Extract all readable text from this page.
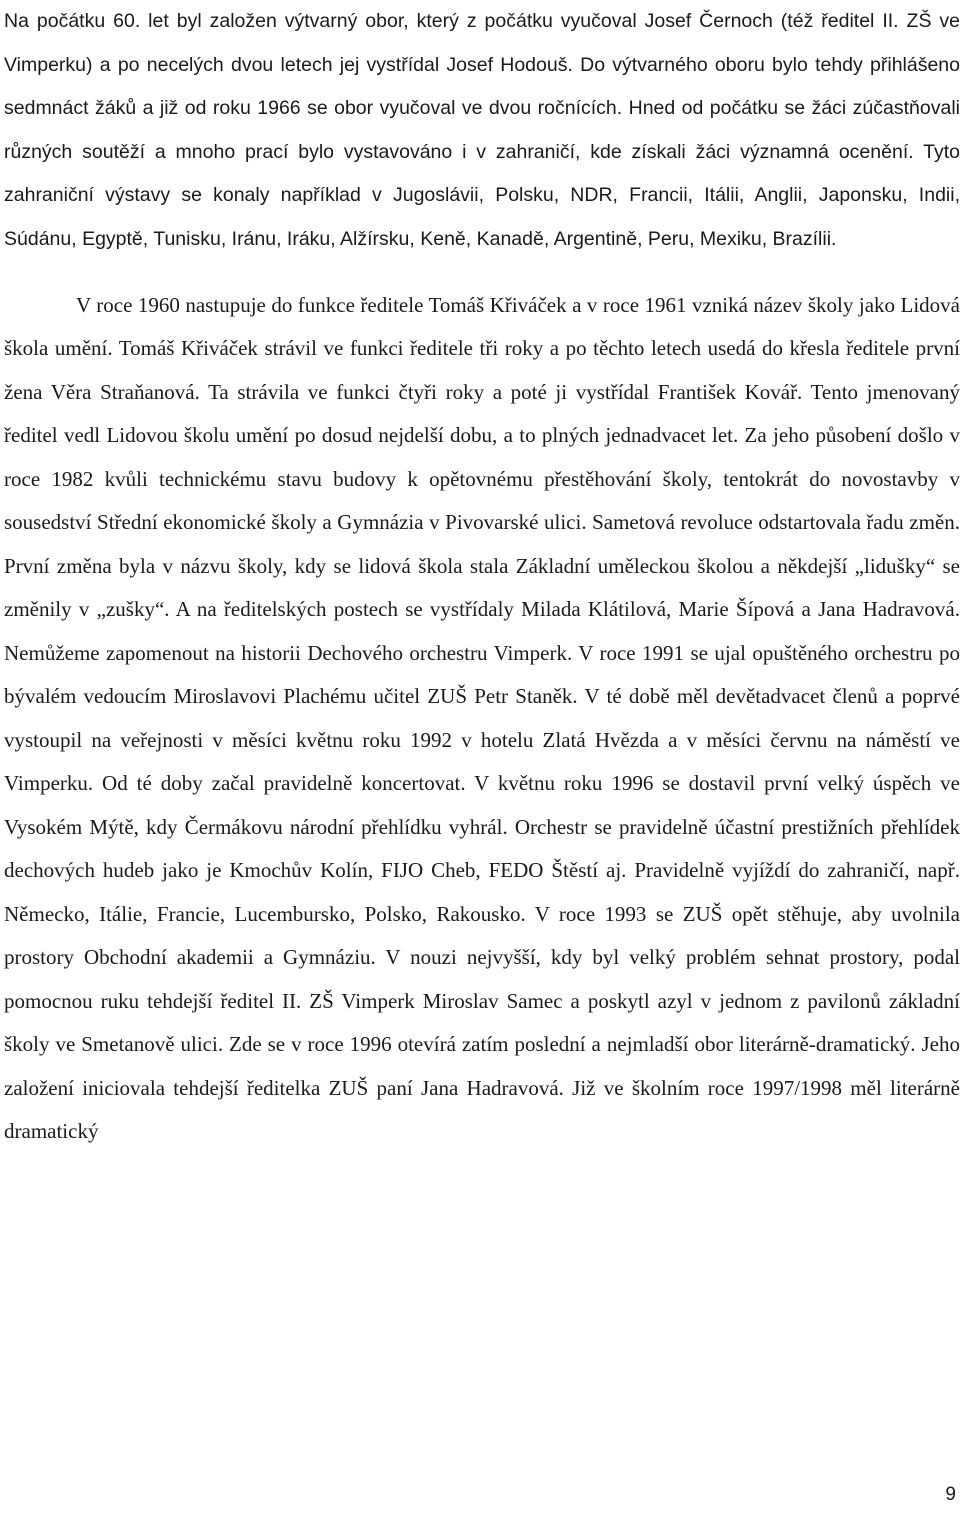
Na počátku 60. let byl založen výtvarný obor, který z počátku vyučoval Josef Černoch (též ředitel II. ZŠ ve Vimperku) a po necelých dvou letech jej vystřídal Josef Hodouš. Do výtvarného oboru bylo tehdy přihlášeno sedmnáct žáků a již od roku 1966 se obor vyučoval ve dvou ročnících. Hned od počátku se žáci zúčastňovali různých soutěží a mnoho prací bylo vystavováno i v zahraničí, kde získali žáci významná ocenění. Tyto zahraniční výstavy se konaly například v Jugoslávii, Polsku, NDR, Francii, Itálii, Anglii, Japonsku, Indii, Súdánu, Egyptě, Tunisku, Iránu, Iráku, Alžírsku, Keně, Kanadě, Argentině, Peru, Mexiku, Brazílii.

V roce 1960 nastupuje do funkce ředitele Tomáš Křiváček a v roce 1961 vzniká název školy jako Lidová škola umění. Tomáš Křiváček strávil ve funkci ředitele tři roky a po těchto letech usedá do křesla ředitele první žena Věra Straňanová. Ta strávila ve funkci čtyři roky a poté ji vystřídal František Kovář. Tento jmenovaný ředitel vedl Lidovou školu umění po dosud nejdelší dobu, a to plných jednadvacet let. Za jeho působení došlo v roce 1982 kvůli technickému stavu budovy k opětovnému přestěhování školy, tentokrát do novostavby v sousedství Střední ekonomické školy a Gymnázia v Pivovarské ulici. Sametová revoluce odstartovala řadu změn. První změna byla v názvu školy, kdy se lidová škola stala Základní uměleckou školou a někdejší „lidušky“ se změnily v „zušky“. A na ředitelských postech se vystřídaly Milada Klátilová, Marie Šípová a Jana Hadravová. Nemůžeme zapomenout na historii Dechového orchestru Vimperk. V roce 1991 se ujal opuštěného orchestru po bývalém vedoucím Miroslavovi Plachému učitel ZUŠ Petr Staněk. V té době měl devětadvacet členů a poprvé vystoupil na veřejnosti v měsíci květnu roku 1992 v hotelu Zlatá Hvězda a v měsíci červnu na náměstí ve Vimperku. Od té doby začal pravidelně koncertovat. V květnu roku 1996 se dostavil první velký úspěch ve Vysokém Mýtě, kdy Čermákovu národní přehlídku vyhrál. Orchestr se pravidelně účastní prestižních přehlídek dechových hudeb jako je Kmochův Kolín, FIJO Cheb, FEDO Štěstí aj. Pravidelně vyjíždí do zahraničí, např. Německo, Itálie, Francie, Lucembursko, Polsko, Rakousko. V roce 1993 se ZUŠ opět stěhuje, aby uvolnila prostory Obchodní akademii a Gymnáziu. V nouzi nejvyšší, kdy byl velký problém sehnat prostory, podal pomocnou ruku tehdejší ředitel II. ZŠ Vimperk Miroslav Samec a poskytl azyl v jednom z pavilonů základní školy ve Smetanově ulici. Zde se v roce 1996 otevírá zatím poslední a nejmladší obor literárně-dramatický. Jeho založení iniciovala tehdejší ředitelka ZUŠ paní Jana Hadravová. Již ve školním roce 1997/1998 měl literárně dramatický

9
